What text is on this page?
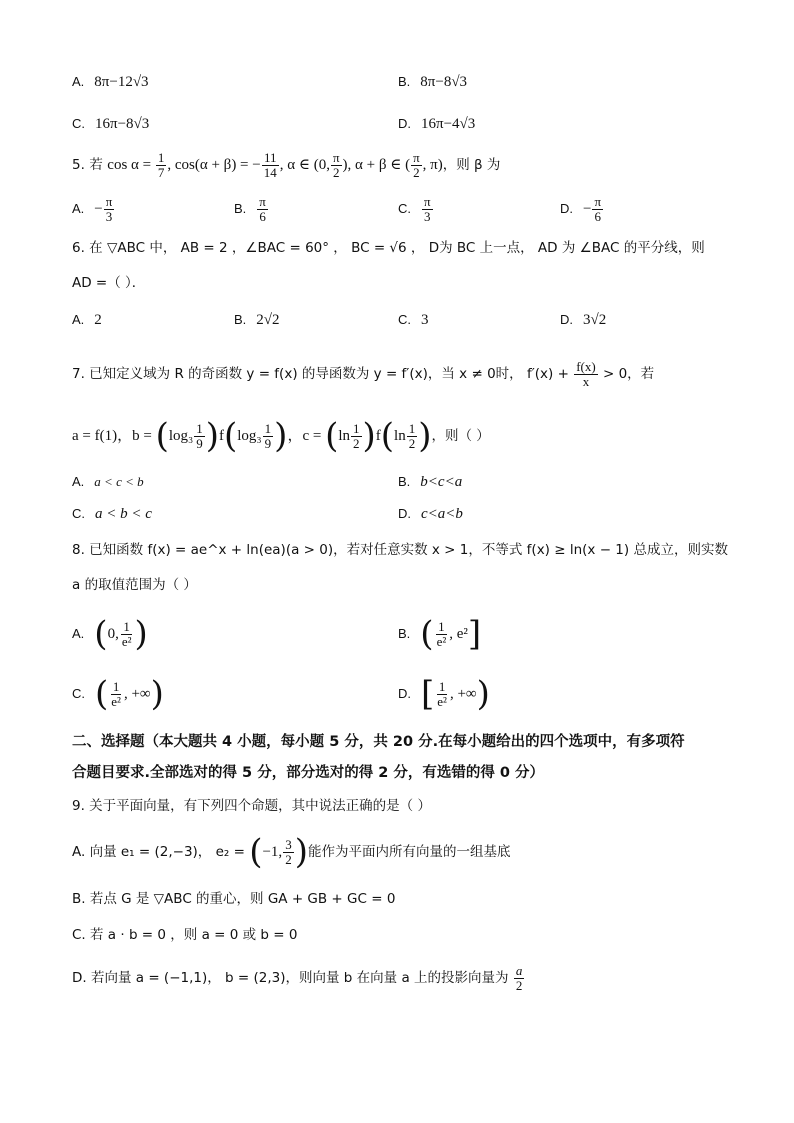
A. 8π−12√3	B. 8π−8√3
C. 16π−8√3	D. 16π−4√3
5. 若 $\cos \alpha = \frac{1}{7}$ , cos(α + β) = − $\frac{11}{14}$ , α ∈ (0, $\frac{\pi}{2}$ ), α + β ∈ ( $\frac{\pi}{2}$ , π)，则 β 为
A. − $\frac{\pi}{3}$	B. $\frac{\pi}{6}$	C. $\frac{\pi}{3}$	D. − $\frac{\pi}{6}$
6. 在 ▽ABC 中， AB = 2 ，∠BAC = 60° ， BC = √6 ， D为 BC 上一点， AD 为 ∠BAC 的平分线，则
AD =（ ）．
A. 2	B. 2√2	C. 3	D. 3√2
7. 已知定义域为 R 的奇函数 y = f(x) 的导函数为 y = f′(x)，当 x ≠ 0时， $f'(x) + \frac{f(x)}{x} > 0$，若
a = f(1)，$b = (\log_3 \frac{1}{9} )f(\log_3 \frac{1}{9}$ )，$c = (\ln \frac{1}{2} )f(\ln \frac{1}{2}$ )，则（ ）
A. a < c < b	B. b<c<a
C. a < b < c	D. c<a<b
8. 已知函数 f(x) = ae^x + ln(ea)(a > 0)，若对任意实数 x > 1，不等式 f(x) ≥ ln(x − 1) 总成立，则实数
a 的取值范围为（ ）
A. (0, $\frac{1}{\text{e²}}$ )	B. ( $\frac{1}{\text{e²}}$ , e²]
C. ( $\frac{1}{\text{e²}}$ , +∞)	D. [ $\frac{1}{\text{e²}}$ , +∞)
二、选择题（本大题共 4 小题，每小题 5 分，共 20 分.在每小题给出的四个选项中，有多项符
合题目要求.全部选对的得 5 分，部分选对的得 2 分，有选错的得 0 分）
9. 关于平面向量，有下列四个命题，其中说法正确的是（ ）
A. 向量 e₁ = (2,−3)， e₂ = (−1, $\frac{3}{2}$ )能作为平面内所有向量的一组基底
B. 若点 G 是 ▽ABC 的重心，则 GA + GB + GC = 0
C. 若 a · b = 0 ，则 a = 0 或 b = 0
D. 若向量 a = (−1,1)， b = (2,3)，则向量 b 在向量 a 上的投影向量为 $\frac{a}{2}$
